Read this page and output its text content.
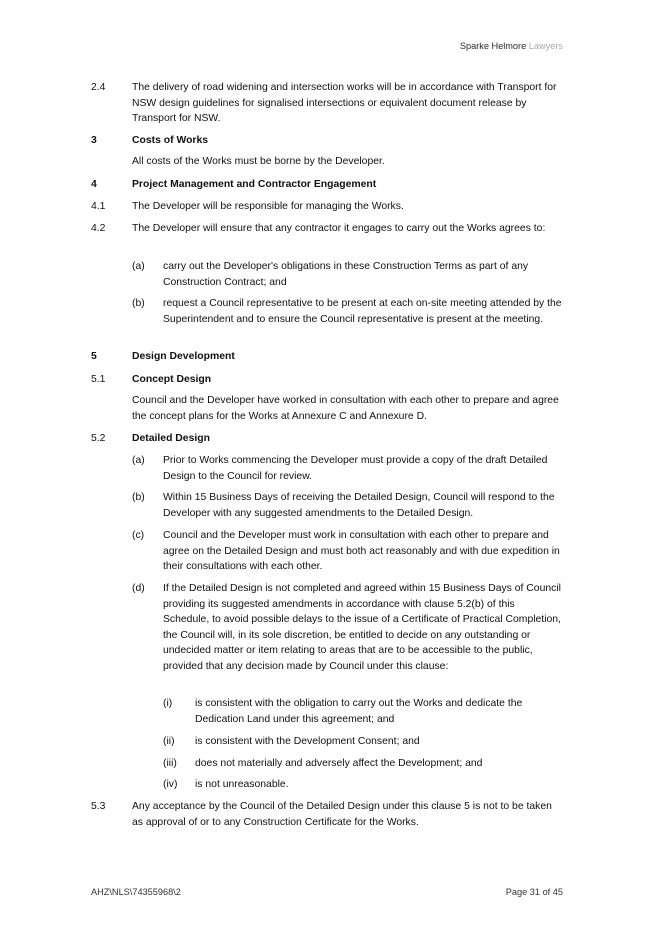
Sparke Helmore Lawyers
2.4	The delivery of road widening and intersection works will be in accordance with Transport for NSW design guidelines for signalised intersections or equivalent document release by Transport for NSW.
3	Costs of Works
All costs of the Works must be borne by the Developer.
4	Project Management and Contractor Engagement
4.1	The Developer will be responsible for managing the Works.
4.2	The Developer will ensure that any contractor it engages to carry out the Works agrees to:
(a) carry out the Developer's obligations in these Construction Terms as part of any Construction Contract; and
(b) request a Council representative to be present at each on-site meeting attended by the Superintendent and to ensure the Council representative is present at the meeting.
5	Design Development
5.1	Concept Design
Council and the Developer have worked in consultation with each other to prepare and agree the concept plans for the Works at Annexure C and Annexure D.
5.2	Detailed Design
(a) Prior to Works commencing the Developer must provide a copy of the draft Detailed Design to the Council for review.
(b) Within 15 Business Days of receiving the Detailed Design, Council will respond to the Developer with any suggested amendments to the Detailed Design.
(c) Council and the Developer must work in consultation with each other to prepare and agree on the Detailed Design and must both act reasonably and with due expedition in their consultations with each other.
(d) If the Detailed Design is not completed and agreed within 15 Business Days of Council providing its suggested amendments in accordance with clause 5.2(b) of this Schedule, to avoid possible delays to the issue of a Certificate of Practical Completion, the Council will, in its sole discretion, be entitled to decide on any outstanding or undecided matter or item relating to areas that are to be accessible to the public, provided that any decision made by Council under this clause:
(i) is consistent with the obligation to carry out the Works and dedicate the Dedication Land under this agreement; and
(ii) is consistent with the Development Consent; and
(iii) does not materially and adversely affect the Development; and
(iv) is not unreasonable.
5.3	Any acceptance by the Council of the Detailed Design under this clause 5 is not to be taken as approval of or to any Construction Certificate for the Works.
AHZ\NLS\74355968\2	Page 31 of 45
